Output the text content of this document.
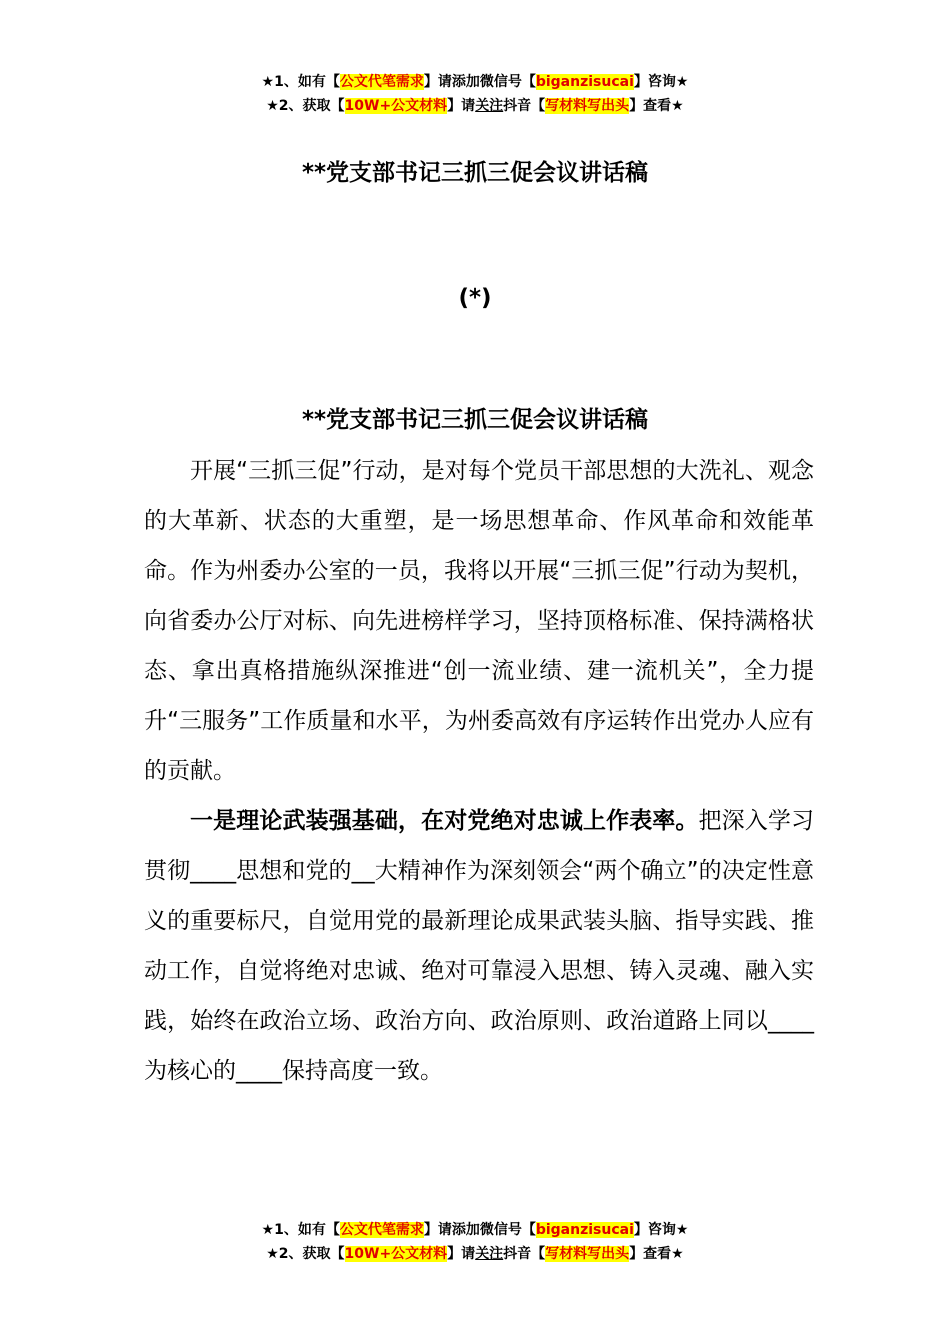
★1、如有【公文代笔需求】请添加微信号【biganzisucai】咨询★
★2、获取【10W+公文材料】请关注抖音【写材料写出头】查看★
**党支部书记三抓三促会议讲话稿
(*)
**党支部书记三抓三促会议讲话稿

开展“三抓三促”行动，是对每个党员干部思想的大洗礼、观念的大革新、状态的大重塑，是一场思想革命、作风革命和效能革命。作为州委办公室的一员，我将以开展“三抓三促”行动为契机，向省委办公厅对标、向先进榜样学习，坚持顶格标准、保持满格状态、拿出真格措施纵深推进“创一流业绩、建一流机关”，全力提升“三服务”工作质量和水平，为州委高效有序运转作出党办人应有的贡献。

一是理论武装强基础，在对党绝对忠诚上作表率。把深入学习贯彻____思想和党的__大精神作为深刻领会“两个确立”的决定性意义的重要标尺，自觉用党的最新理论成果武装头脑、指导实践、推动工作，自觉将绝对忠诚、绝对可靠浸入思想、铸入灵魂、融入实践，始终在政治立场、政治方向、政治原则、政治道路上同以____为核心的____保持高度一致。

★1、如有【公文代笔需求】请添加微信号【biganzisucai】咨询★
★2、获取【10W+公文材料】请关注抖音【写材料写出头】查看★
